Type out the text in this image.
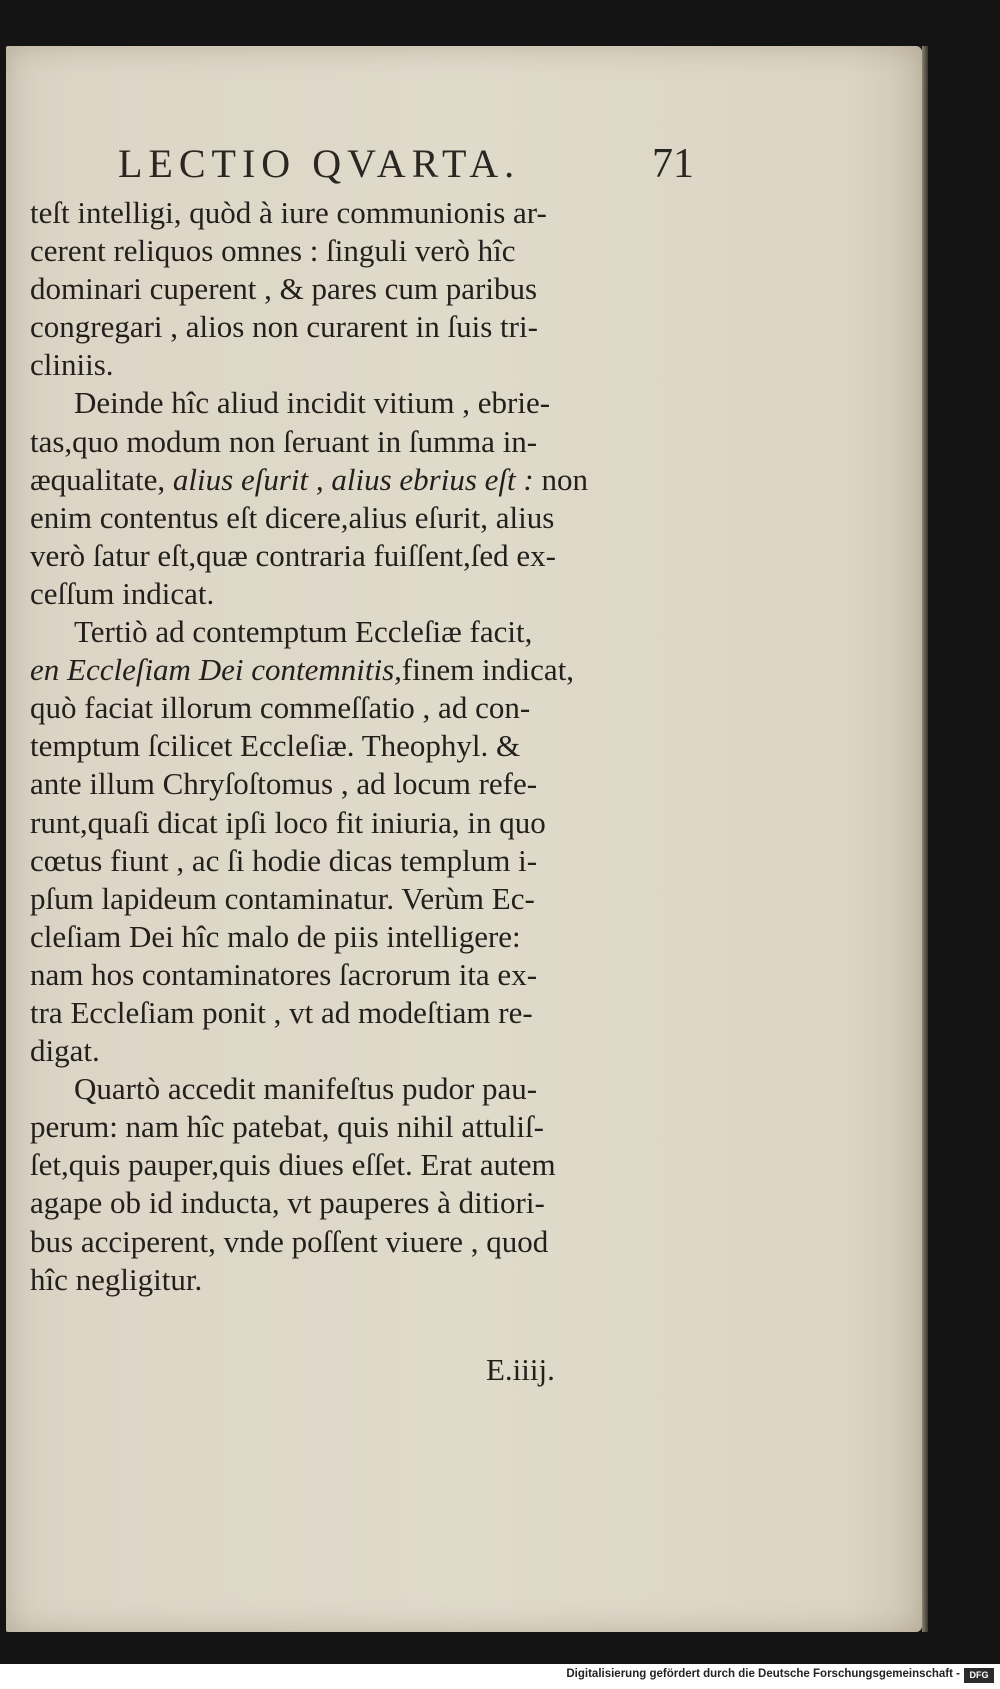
LECTIO QVARTA.	71
teſt intelligi, quòd à iure communionis ar-
cerent reliquos omnes : ſinguli verò hîc
dominari cuperent , & pares cum paribus
congregari , alios non curarent in ſuis tri-
cliniis.
Deinde hîc aliud incidit vitium , ebrie-
tas,quo modum non ſeruant in ſumma in-
æqualitate, alius eſurit , alius ebrius eſt : non
enim contentus eſt dicere,alius eſurit, alius
verò ſatur eſt,quæ contraria fuiſſent,ſed ex-
ceſſum indicat.
Tertiò ad contemptum Eccleſiæ facit,
en Eccleſiam Dei contemnitis,finem indicat,
quò faciat illorum commeſſatio , ad con-
temptum ſcilicet Eccleſiæ. Theophyl. &
ante illum Chryſoſtomus , ad locum refe-
runt,quaſi dicat ipſi loco fit iniuria, in quo
cœtus fiunt , ac ſi hodie dicas templum i-
pſum lapideum contaminatur. Verùm Ec-
cleſiam Dei hîc malo de piis intelligere:
nam hos contaminatores ſacrorum ita ex-
tra Eccleſiam ponit , vt ad modeſtiam re-
digat.
Quartò accedit manifeſtus pudor pau-
perum: nam hîc patebat, quis nihil attuliſ-
ſet,quis pauper,quis diues eſſet. Erat autem
agape ob id inducta, vt pauperes à ditiori-
bus acciperent, vnde poſſent viuere , quod
hîc negligitur.
E.iiij.
Digitalisierung gefördert durch die Deutsche Forschungsgemeinschaft -	DFG
